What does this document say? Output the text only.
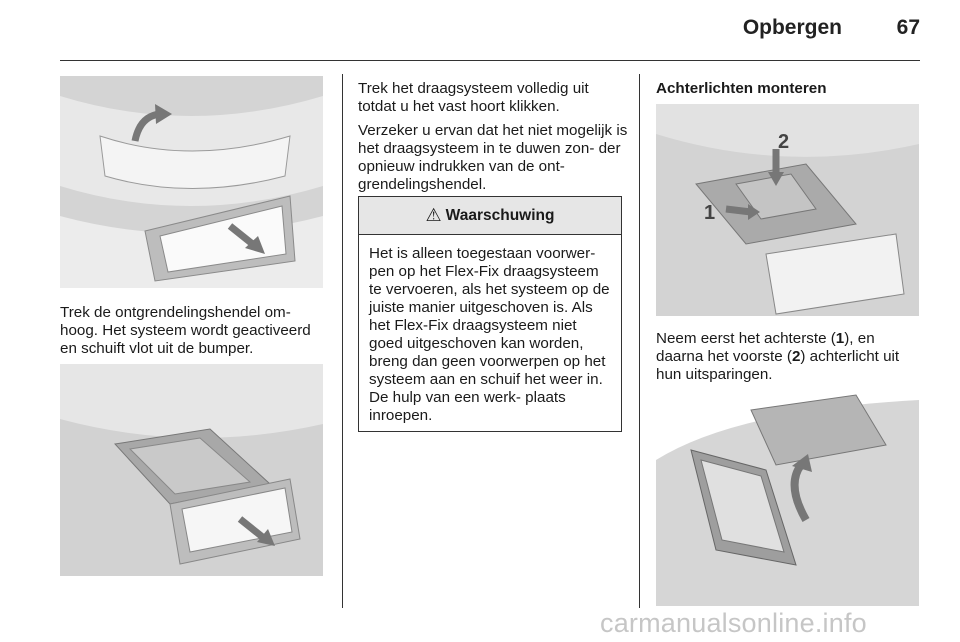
Opbergen	67
Trek de ontgrendelingshendel om- hoog. Het systeem wordt geactiveerd en schuift vlot uit de bumper.

Trek het draagsysteem volledig uit totdat u het vast hoort klikken.

Verzeker u ervan dat het niet mogelijk is het draagsysteem in te duwen zon- der opnieuw indrukken van de ont- grendelingshendel.

⚠ Waarschuwing
Het is alleen toegestaan voorwer- pen op het Flex-Fix draagsysteem te vervoeren, als het systeem op de juiste manier uitgeschoven is. Als het Flex-Fix draagsysteem niet goed uitgeschoven kan worden, breng dan geen voorwerpen op het systeem aan en schuif het weer in. De hulp van een werk- plaats inroepen.
Achterlichten monteren
2
1
Neem eerst het achterste (1), en daarna het voorste (2) achterlicht uit hun uitsparingen.
carmanualsonline.info
